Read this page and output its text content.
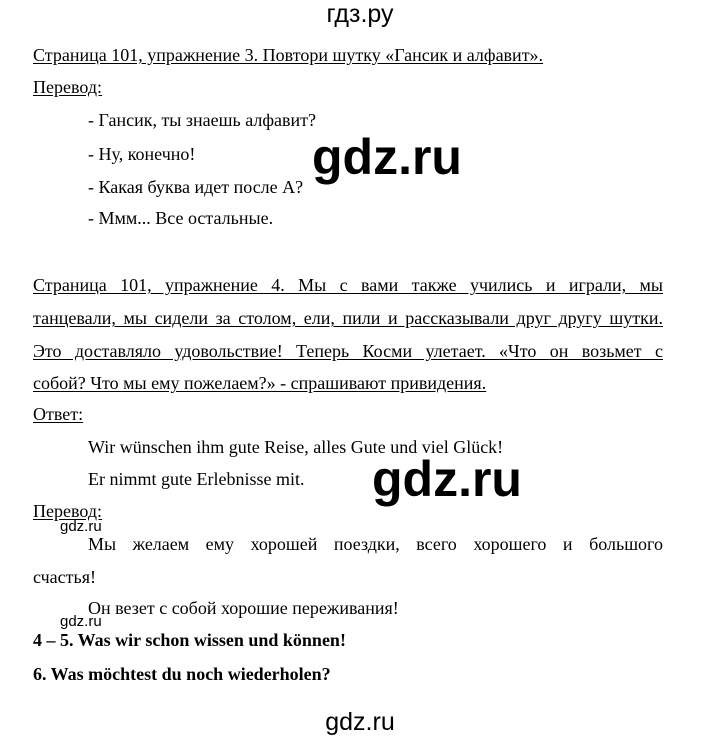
гдз.ру
Страница 101, упражнение 3. Повтори шутку «Гансик и алфавит».
Перевод:
- Гансик, ты знаешь алфавит?
- Ну, конечно!
- Какая буква идет после А?
- Ммм... Все остальные.
gdz.ru
Страница 101, упражнение 4. Мы с вами также учились и играли, мы
танцевали, мы сидели за столом, ели, пили и рассказывали друг другу шутки.
Это доставляло удовольствие! Теперь Косми улетает. «Что он возьмет с
собой? Что мы ему пожелаем?» - спрашивают привидения.
Ответ:
Wir wünschen ihm gute Reise, alles Gute und viel Glück!
Er nimmt gute Erlebnisse mit. gdz.ru
Перевод:
gdz.ru
Мы желаем ему хорошей поездки, всего хорошего и большого
счастья!
Он везет с собой хорошие переживания!
gdz.ru
4 – 5. Was wir schon wissen und können!
6. Was möchtest du noch wiederholen?
gdz.ru
